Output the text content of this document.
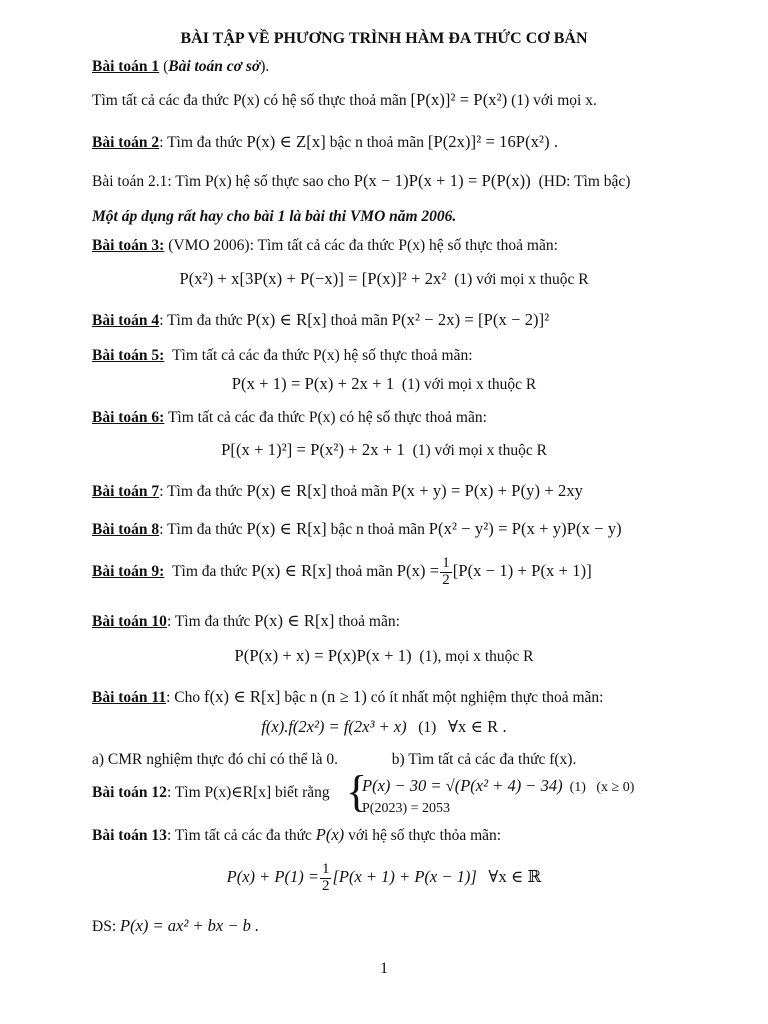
BÀI TẬP VỀ PHƯƠNG TRÌNH HÀM ĐA THỨC CƠ BẢN
Bài toán 1 (Bài toán cơ sở).
Tìm tất cả các đa thức P(x) có hệ số thực thoả mãn [P(x)]² = P(x²) (1) với mọi x.
Bài toán 2: Tìm đa thức P(x) ∈ Z[x] bậc n thoả mãn [P(2x)]² = 16P(x²) .
Bài toán 2.1: Tìm P(x) hệ số thực sao cho P(x − 1)P(x + 1) = P(P(x)) (HD: Tìm bậc)
Một áp dụng rất hay cho bài 1 là bài thi VMO năm 2006.
Bài toán 3: (VMO 2006): Tìm tất cả các đa thức P(x) hệ số thực thoả mãn:
P(x²) + x[3P(x) + P(−x)] = [P(x)]² + 2x² (1) với mọi x thuộc R
Bài toán 4: Tìm đa thức P(x) ∈ R[x] thoả mãn P(x² − 2x) = [P(x − 2)]²
Bài toán 5: Tìm tất cả các đa thức P(x) hệ số thực thoả mãn:
P(x + 1) = P(x) + 2x + 1 (1) với mọi x thuộc R
Bài toán 6: Tìm tất cả các đa thức P(x) có hệ số thực thoả mãn:
P[(x + 1)²] = P(x²) + 2x + 1 (1) với mọi x thuộc R
Bài toán 7: Tìm đa thức P(x) ∈ R[x] thoả mãn P(x + y) = P(x) + P(y) + 2xy
Bài toán 8: Tìm đa thức P(x) ∈ R[x] bậc n thoả mãn P(x² − y²) = P(x + y)P(x − y)
Bài toán 9: Tìm đa thức P(x) ∈ R[x] thoả mãn $P(x) = \frac{1}{2} [P(x - 1) + P(x + 1)]$
Bài toán 10: Tìm đa thức P(x) ∈ R[x] thoả mãn:
P(P(x) + x) = P(x)P(x + 1) (1), mọi x thuộc R
Bài toán 11: Cho f(x) ∈ R[x] bậc n (n ≥ 1) có ít nhất một nghiệm thực thoả mãn:
f(x).f(2x²) = f(2x³ + x) (1) ∀x ∈ R .
a) CMR nghiệm thực đó chỉ có thể là 0.	b) Tìm tất cả các đa thức f(x).
Bài toán 12: Tìm P(x)∈R[x] biết rằng {
P(x) − 30 = √(P(x² + 4) − 34) (1) (x ≥ 0)
P(2023) = 2053
Bài toán 13: Tìm tất cả các đa thức P(x) với hệ số thực thỏa mãn:
$P(x) + P(1) = \frac{1}{2} [P(x + 1) + P(x - 1)]$ ∀x ∈ ℝ
ĐS: P(x) = ax² + bx − b .
1
